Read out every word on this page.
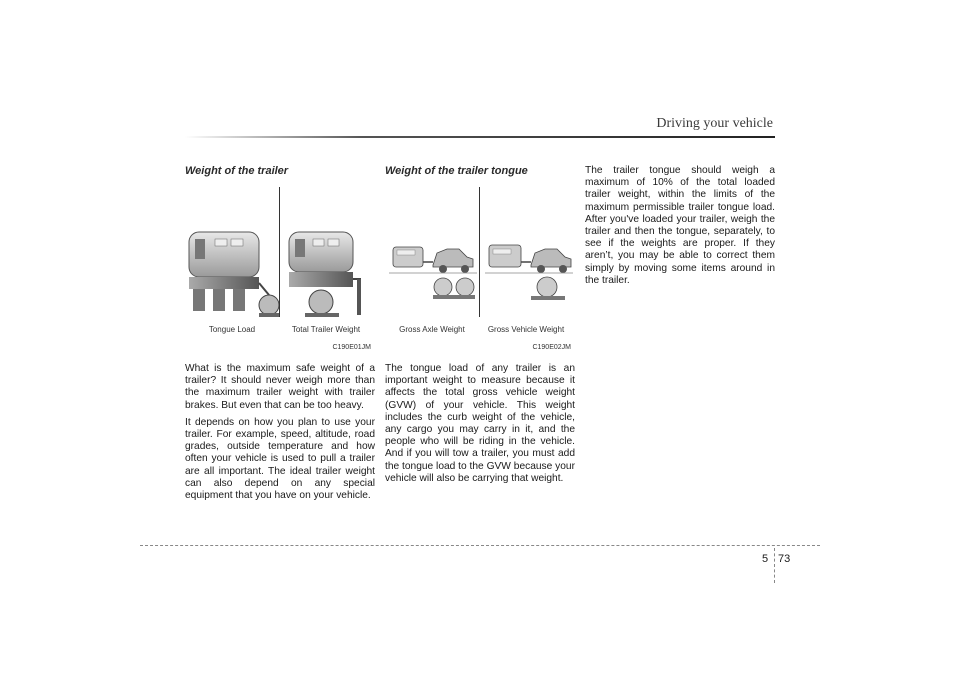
Driving your vehicle
Weight of the trailer
Tongue Load	Total Trailer Weight
C190E01JM

What is the maximum safe weight of a trailer? It should never weigh more than the maximum trailer weight with trailer brakes. But even that can be too heavy.

It depends on how you plan to use your trailer. For example, speed, altitude, road grades, outside temperature and how often your vehicle is used to pull a trailer are all important. The ideal trailer weight can also depend on any special equipment that you have on your vehicle.

Weight of the trailer tongue
Gross Axle Weight	Gross Vehicle Weight
C190E02JM

The tongue load of any trailer is an important weight to measure because it affects the total gross vehicle weight (GVW) of your vehicle. This weight includes the curb weight of the vehicle, any cargo you may carry in it, and the people who will be riding in the vehicle. And if you will tow a trailer, you must add the tongue load to the GVW because your vehicle will also be carrying that weight.

The trailer tongue should weigh a maximum of 10% of the total loaded trailer weight, within the limits of the maximum permissible trailer tongue load. After you've loaded your trailer, weigh the trailer and then the tongue, separately, to see if the weights are proper. If they aren’t, you may be able to correct them simply by moving some items around in the trailer.

5 73
